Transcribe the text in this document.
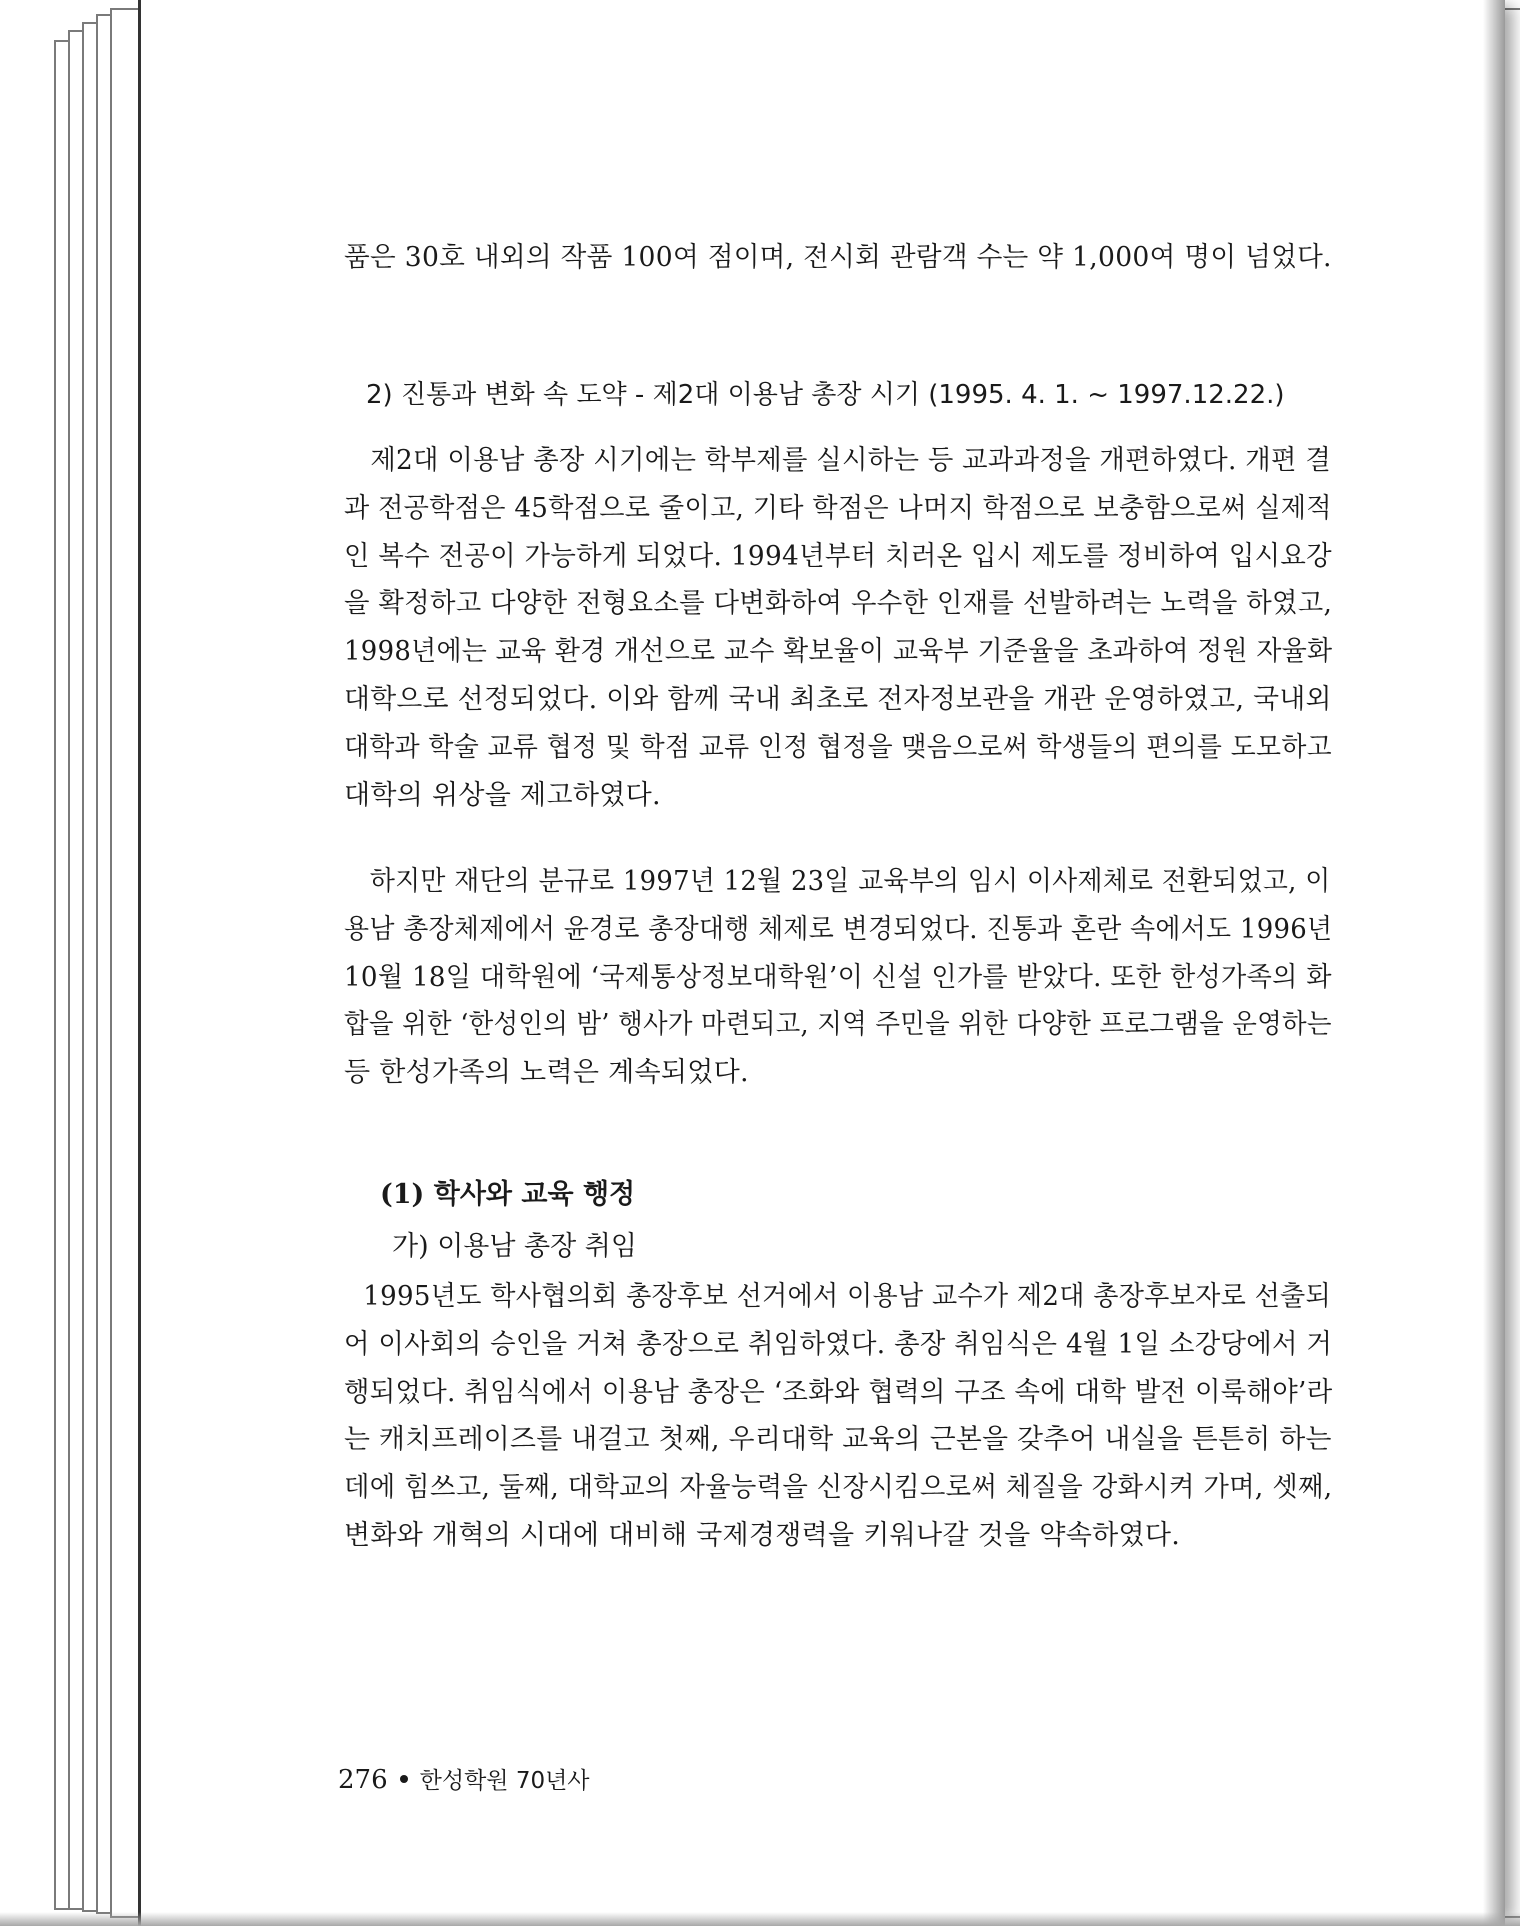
품은 30호 내외의 작품 100여 점이며, 전시회 관람객 수는 약 1,000여 명이 넘었다.
2) 진통과 변화 속 도약 - 제2대 이용남 총장 시기 (1995. 4. 1. ~ 1997.12.22.)
제2대 이용남 총장 시기에는 학부제를 실시하는 등 교과과정을 개편하였다. 개편 결
과 전공학점은 45학점으로 줄이고, 기타 학점은 나머지 학점으로 보충함으로써 실제적
인 복수 전공이 가능하게 되었다. 1994년부터 치러온 입시 제도를 정비하여 입시요강
을 확정하고 다양한 전형요소를 다변화하여 우수한 인재를 선발하려는 노력을 하였고,
1998년에는 교육 환경 개선으로 교수 확보율이 교육부 기준율을 초과하여 정원 자율화
대학으로 선정되었다. 이와 함께 국내 최초로 전자정보관을 개관 운영하였고, 국내외
대학과 학술 교류 협정 및 학점 교류 인정 협정을 맺음으로써 학생들의 편의를 도모하고
대학의 위상을 제고하였다.
하지만 재단의 분규로 1997년 12월 23일 교육부의 임시 이사제체로 전환되었고, 이
용남 총장체제에서 윤경로 총장대행 체제로 변경되었다. 진통과 혼란 속에서도 1996년
10월 18일 대학원에 ‘국제통상정보대학원’이 신설 인가를 받았다. 또한 한성가족의 화
합을 위한 ‘한성인의 밤’ 행사가 마련되고, 지역 주민을 위한 다양한 프로그램을 운영하는
등 한성가족의 노력은 계속되었다.
(1) 학사와 교육 행정
가) 이용남 총장 취임
1995년도 학사협의회 총장후보 선거에서 이용남 교수가 제2대 총장후보자로 선출되
어 이사회의 승인을 거쳐 총장으로 취임하였다. 총장 취임식은 4월 1일 소강당에서 거
행되었다. 취임식에서 이용남 총장은 ‘조화와 협력의 구조 속에 대학 발전 이룩해야’라
는 캐치프레이즈를 내걸고 첫째, 우리대학 교육의 근본을 갖추어 내실을 튼튼히 하는
데에 힘쓰고, 둘째, 대학교의 자율능력을 신장시킴으로써 체질을 강화시켜 가며, 셋째,
변화와 개혁의 시대에 대비해 국제경쟁력을 키워나갈 것을 약속하였다.
276 한성학원 70년사
